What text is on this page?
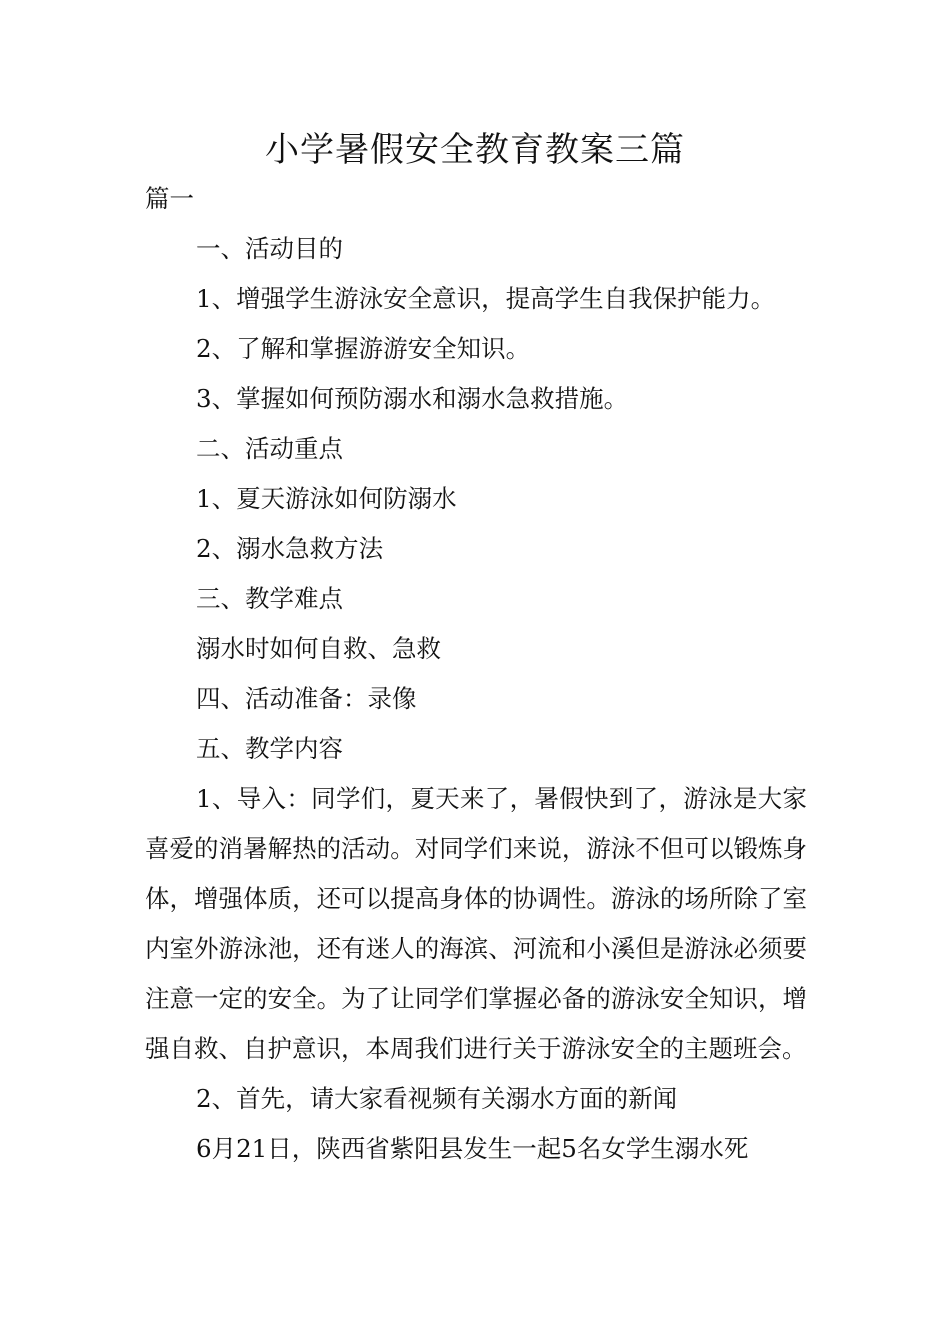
小学暑假安全教育教案三篇

篇一

一、活动目的

1、增强学生游泳安全意识，提高学生自我保护能力。

2、了解和掌握游游安全知识。

3、掌握如何预防溺水和溺水急救措施。

二、活动重点

1、夏天游泳如何防溺水

2、溺水急救方法

三、教学难点

溺水时如何自救、急救

四、活动准备：录像

五、教学内容

1、导入：同学们，夏天来了，暑假快到了，游泳是大家喜爱的消暑解热的活动。对同学们来说，游泳不但可以锻炼身体，增强体质，还可以提高身体的协调性。游泳的场所除了室内室外游泳池，还有迷人的海滨、河流和小溪但是游泳必须要注意一定的安全。为了让同学们掌握必备的游泳安全知识，增强自救、自护意识，本周我们进行关于游泳安全的主题班会。

2、首先，请大家看视频有关溺水方面的新闻

6月21日，陕西省紫阳县发生一起5名女学生溺水死
